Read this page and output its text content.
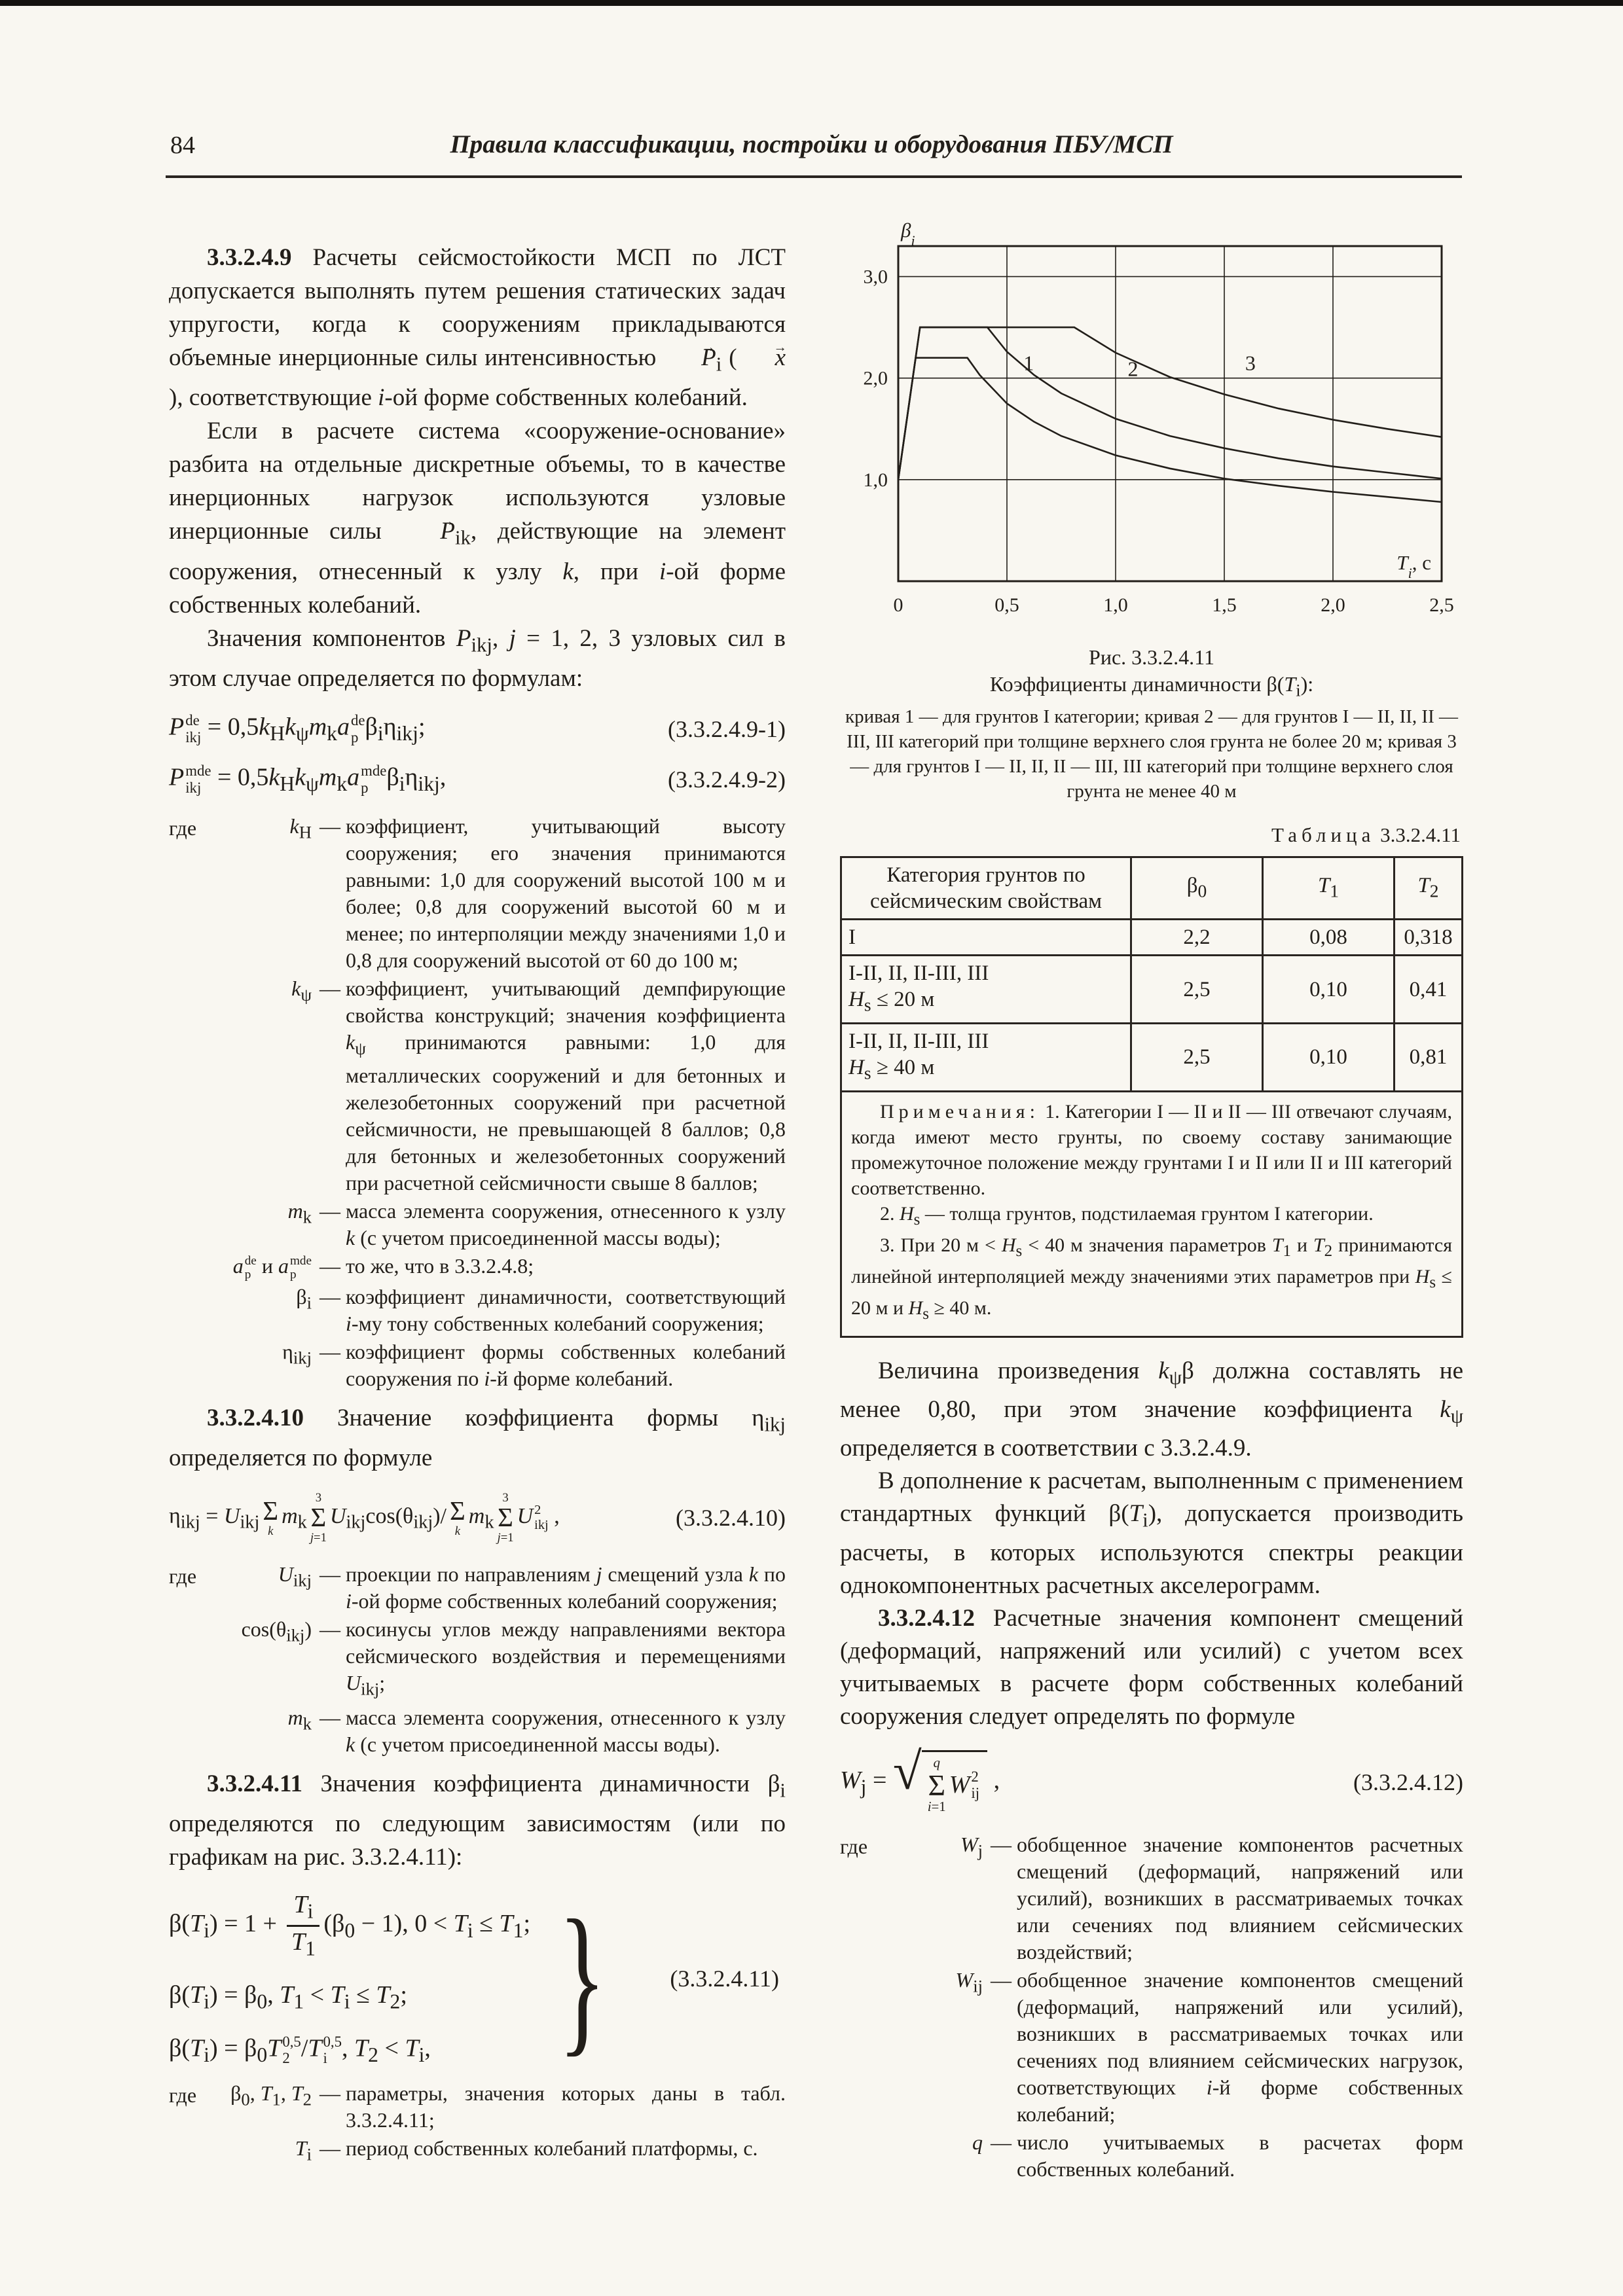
84	Правила классификации, постройки и оборудования ПБУ/МСП

3.3.2.4.9 Расчеты сейсмостойкости МСП по ЛСТ допускается выполнять путем решения статических задач упругости, когда к сооружениям прикладываются объемные инерционные силы интенсивностью $P \to_i$ ( x →), соответствующие i-ой форме собственных колебаний.

Если в расчете система «сооружение-основание» разбита на отдельные дискретные объемы, то в качестве инерционных нагрузок используются узловые инерционные силы $P \to_{ik}$, действующие на элемент сооружения, отнесенный к узлу k, при i-ой форме собственных колебаний.

Значения компонентов $P_{ikj}$, j = 1, 2, 3 узловых сил в этом случае определяется по формулам:

P de
ikj = $0,5k_Hk_\psi m_ka$ de
p $\beta_i\eta_{ikj}$;	(3.3.2.4.9-1)
P mde
ikj = $0,5k_Hk_\psi m_ka$ mde
p $\beta_i\eta_{ikj}$,	(3.3.2.4.9-2)
где	$k_H$ — коэффициент, учитывающий высоту сооружения; его значения принимаются равными: 1,0 для сооружений высотой 100 м и более; 0,8 для сооружений высотой 60 м и менее; по интерполяции между значениями 1,0 и 0,8 для сооружений высотой от 60 до 100 м;
$k_\psi$ — коэффициент, учитывающий демпфирующие свойства конструкций; значения коэффициента $k_\psi$ принимаются равными: 1,0 для металлических сооружений и для бетонных и железобетонных сооружений при расчетной сейсмичности, не превышающей 8 баллов; 0,8 для бетонных и железобетонных сооружений при расчетной сейсмичности свыше 8 баллов;
$m_k$ — масса элемента сооружения, отнесенного к узлу k (с учетом присоединенной массы воды);
a de
p и a mde
p — то же, что в 3.3.2.4.8;
$\beta_i$ — коэффициент динамичности, соответствующий i-му тону собственных колебаний сооружения;
$\eta_{ikj}$ — коэффициент формы собственных колебаний сооружения по i-й форме колебаний.

3.3.2.4.10 Значение коэффициента формы $\eta_{ikj}$ определяется по формуле

$\eta_{ikj} = U_{ikj}$ Σ
k
$m_k$
3
Σ
j=1
$U_{ikj}\cos(\theta_{ikj})/$ Σ
k
$m_k$
3
Σ
j=1
U 2
ikj ,	(3.3.2.4.10)
где	$U_{ikj}$ — проекции по направлениям j смещений узла k по i-ой форме собственных колебаний сооружения;
$\cos(\theta_{ikj})$ — косинусы углов между направлениями вектора сейсмического воздействия и перемещениями $U_{ikj}$;
$m_k$ — масса элемента сооружения, отнесенного к узлу k (с учетом присоединенной массы воды).

3.3.2.4.11 Значения коэффициента динамичности $\beta_i$ определяются по следующим зависимостям (или по графикам на рис. 3.3.2.4.11):

$\beta(T_i) = 1 + \frac{T_i}{T_1} (\beta_0 - 1)$, $0 < T_i \le T_1$;
$\beta(T_i) = \beta_0$, $T_1 < T_i \le T_2$;
$\beta(T_i) = \beta_0T$ 0,5
2 /T 0,5
i , $T_2 < T_i$, }	(3.3.2.4.11)
где $\beta_0$, $T_1$, $T_2$ — параметры, значения которых даны в табл. 3.3.2.4.11;
$T_i$ — период собственных колебаний платформы, с.
0	0,5	1,0	1,5	2,0	2,5
1,0
2,0
3,0
1	2	3
$\beta_i$
$T_i$, с
Рис. 3.3.2.4.11
Коэффициенты динамичности $\beta(T_i)$:
кривая 1 — для грунтов I категории; кривая 2 — для грунтов I — II, II, II — III, III категорий при толщине верхнего слоя грунта не более 20 м; кривая 3 — для грунтов I — II, II, II — III, III категорий при толщине верхнего слоя грунта не менее 40 м
Таблица 3.3.2.4.11
Категория грунтов по сейсмическим свойствам	$\beta_0$	$T_1$	$T_2$
I	2,2	0,08	0,318
I-II, II, II-III, III
$H_s \le 20$ м	2,5	0,10	0,41
I-II, II, II-III, III
$H_s \ge 40$ м	2,5	0,10	0,81

Примечания: 1. Категории I — II и II — III отвечают случаям, когда имеют место грунты, по своему составу занимающие промежуточное положение между грунтами I и II или II и III категорий соответственно.

2. $H_s$ — толща грунтов, подстилаемая грунтом I категории.

3. При 20 $м < H_s < 40$ м значения параметров $T_1$ и $T_2$ принимаются линейной интерполяцией между значениями этих параметров при $H_s \le 20$ м и $H_s \ge 40$ м.

Величина произведения $k_\psi\beta$ должна составлять не менее 0,80, при этом значение коэффициента $k_\psi$ определяется в соответствии с 3.3.2.4.9.

В дополнение к расчетам, выполненным с применением стандартных функций $\beta(T_i)$, допускается производить расчеты, в которых используются спектры реакции однокомпонентных расчетных акселерограмм.

3.3.2.4.12 Расчетные значения компонент смещений (деформаций, напряжений или усилий) с учетом всех учитываемых в расчете форм собственных колебаний сооружения следует определять по формуле

$W_j$ = √ q
Σ
i=1
W 2
ij ,	(3.3.2.4.12)
где	$W_j$ — обобщенное значение компонентов расчетных смещений (деформаций, напряжений или усилий), возникших в рассматриваемых точках или сечениях под влиянием сейсмических воздействий;
$W_{ij}$ — обобщенное значение компонентов смещений (деформаций, напряжений или усилий), возникших в рассматриваемых точках или сечениях под влиянием сейсмических нагрузок, соответствующих i-й форме собственных колебаний;
q — число учитываемых в расчетах форм собственных колебаний.
